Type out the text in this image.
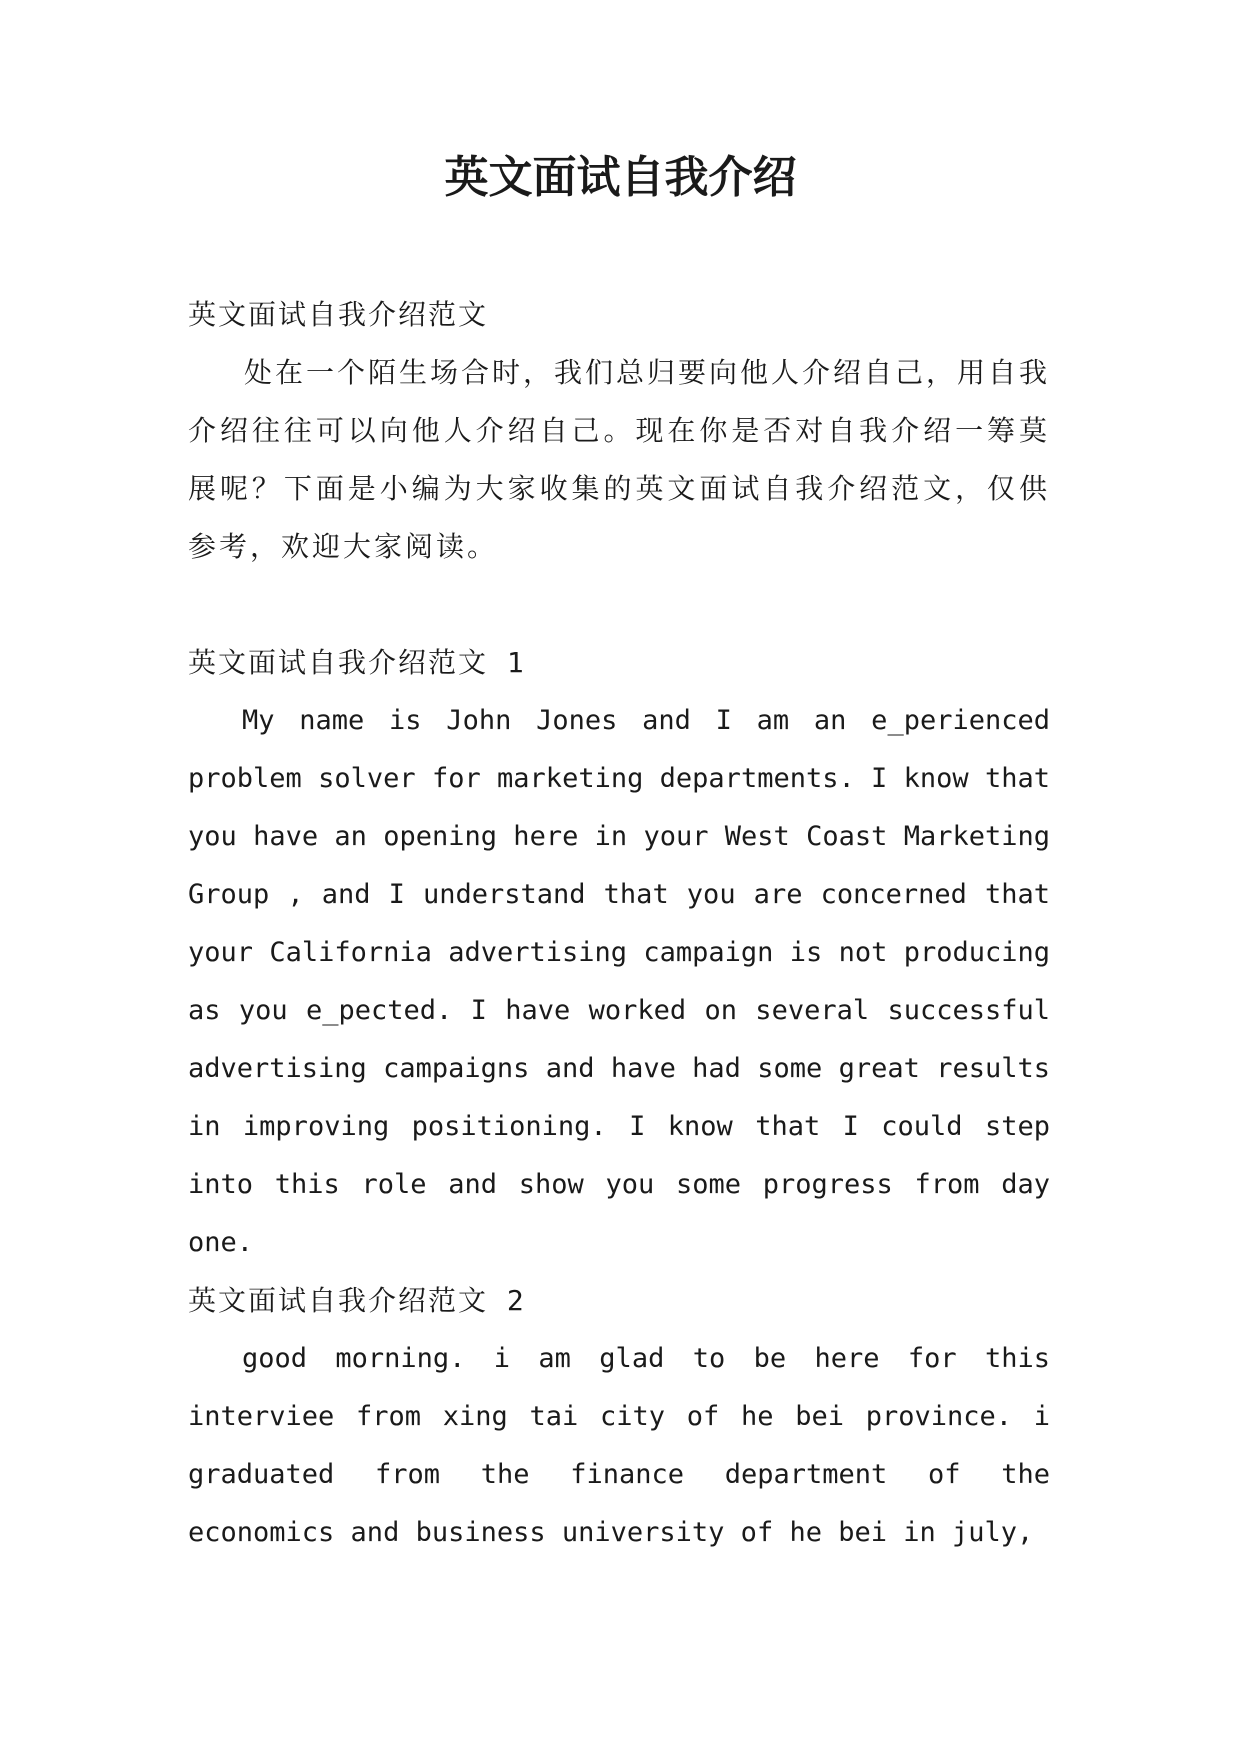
英文面试自我介绍
英文面试自我介绍范文

处在一个陌生场合时，我们总归要向他人介绍自己，用自我介绍往往可以向他人介绍自己。现在你是否对自我介绍一筹莫展呢？下面是小编为大家收集的英文面试自我介绍范文，仅供参考，欢迎大家阅读。

英文面试自我介绍范文 1

My name is John Jones and I am an e_perienced problem solver for marketing departments. I know that you have an opening here in your West Coast Marketing Group , and I understand that you are concerned that your California advertising campaign is not producing as you e_pected. I have worked on several successful advertising campaigns and have had some great results in improving positioning. I know that I could step into this role and show you some progress from day one.

英文面试自我介绍范文 2

good morning. i am glad to be here for this interviee from xing tai city of he bei province. i graduated from the finance department of the economics and business university of he bei in july,
